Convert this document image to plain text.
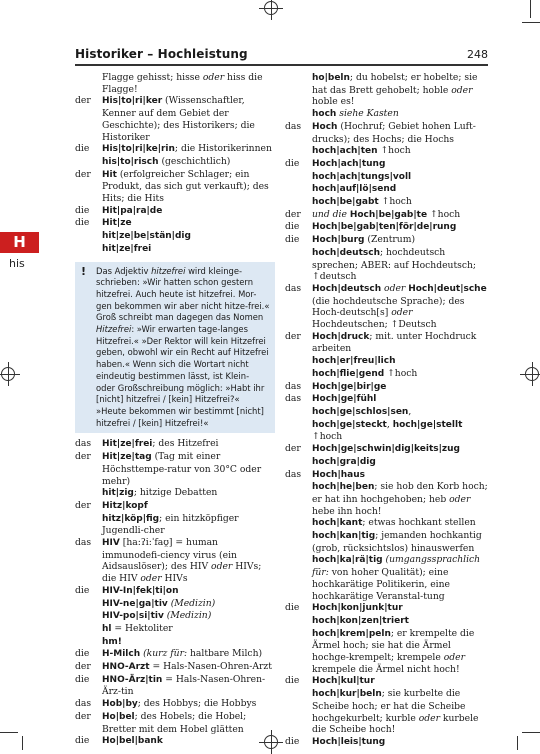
Historiker – Hochleistung	248
H
his
Flagge gehisst; hisse oder hiss die Flagge!
der	His|to|ri|ker (Wissenschaftler, Kenner auf dem Gebiet der Geschichte); des Historikers; die Historiker
die	His|to|ri|ke|rin; die Historikerinnen
his|to|risch (geschichtlich)
der	Hit (erfolgreicher Schlager; ein Produkt, das sich gut verkauft); des Hits; die Hits
die	Hit|pa|ra|de
die	Hit|ze
hit|ze|be|stän|dig
hit|ze|frei
! Das Adjektiv hitzefrei wird kleinge-schrieben: »Wir hatten schon gestern hitzefrei. Auch heute ist hitzefrei. Mor-gen bekommen wir aber nicht hitze-frei.« Groß schreibt man dagegen das Nomen Hitzefrei: »Wir erwarten tage-langes Hitzefrei.« »Der Rektor will kein Hitzefrei geben, obwohl wir ein Recht auf Hitzefrei haben.« Wenn sich die Wortart nicht eindeutig bestimmen lässt, ist Klein- oder Großschreibung möglich: »Habt ihr [nicht] hitzefrei / [kein] Hitzefrei?« »Heute bekommen wir bestimmt [nicht] hitzefrei / [kein] Hitzefrei!«
das	Hit|ze|frei; des Hitzefrei
der	Hit|ze|tag (Tag mit einer Höchsttempe-ratur von 30°C oder mehr)
hit|zig; hitzige Debatten
der	Hitz|kopf
hitz|köp|fig; ein hitzköpfiger Jugendli-cher
das	HIV [ha:ʔi:ˈfaʊ̯] = human immunodefi-ciency virus (ein Aidsauslöser); des HIV oder HIVs; die HIV oder HIVs
die	HIV-In|fek|ti|on
HIV-ne|ga|tiv (Medizin)
HIV-po|si|tiv (Medizin)
hl = Hektoliter
hm!
die	H-Milch (kurz für: haltbare Milch)
der	HNO-Arzt = Hals-Nasen-Ohren-Arzt
die	HNO-Ärz|tin = Hals-Nasen-Ohren-Ärz-tin
das	Hob|by; des Hobbys; die Hobbys
der	Ho|bel; des Hobels; die Hobel; Bretter mit dem Hobel glätten
die	Ho|bel|bank
ho|beln; du hobelst; er hobelte; sie hat das Brett gehobelt; hoble oder hoble es!
hoch siehe Kasten
das	Hoch (Hochruf; Gebiet hohen Luft-drucks); des Hochs; die Hochs
hoch|ach|ten ↑hoch
die	Hoch|ach|tung
hoch|ach|tungs|voll
hoch|auf|lö|send
hoch|be|gabt ↑hoch
der	und die Hoch|be|gab|te ↑hoch
die	Hoch|be|gab|ten|för|de|rung
die	Hoch|burg (Zentrum)
hoch|deutsch; hochdeutsch sprechen; ABER: auf Hochdeutsch; ↑deutsch
das	Hoch|deutsch oder Hoch|deut|sche (die hochdeutsche Sprache); des Hoch-deutsch[s] oder Hochdeutschen; ↑Deutsch
der	Hoch|druck; mit. unter Hochdruck arbeiten
hoch|er|freu|lich
hoch|flie|gend ↑hoch
das	Hoch|ge|bir|ge
das	Hoch|ge|fühl
hoch|ge|schlos|sen, hoch|ge|steckt, hoch|ge|stellt ↑hoch
der	Hoch|ge|schwin|dig|keits|zug
hoch|gra|dig
das	Hoch|haus
hoch|he|ben; sie hob den Korb hoch; er hat ihn hochgehoben; heb oder hebe ihn hoch!
hoch|kant; etwas hochkant stellen
hoch|kan|tig; jemanden hochkantig (grob, rücksichtslos) hinauswerfen
hoch|ka|rä|tig (umgangssprachlich für: von hoher Qualität); eine hochkarätige Politikerin, eine hochkarätige Veranstal-tung
die	Hoch|kon|junk|tur
hoch|kon|zen|triert
hoch|krem|peln; er krempelte die Ärmel hoch; sie hat die Ärmel hochge-krempelt; krempele oder krempele die Ärmel nicht hoch!
die	Hoch|kul|tur
hoch|kur|beln; sie kurbelte die Scheibe hoch; er hat die Scheibe hochgekurbelt; kurble oder kurbele die Scheibe hoch!
die	Hoch|leis|tung
